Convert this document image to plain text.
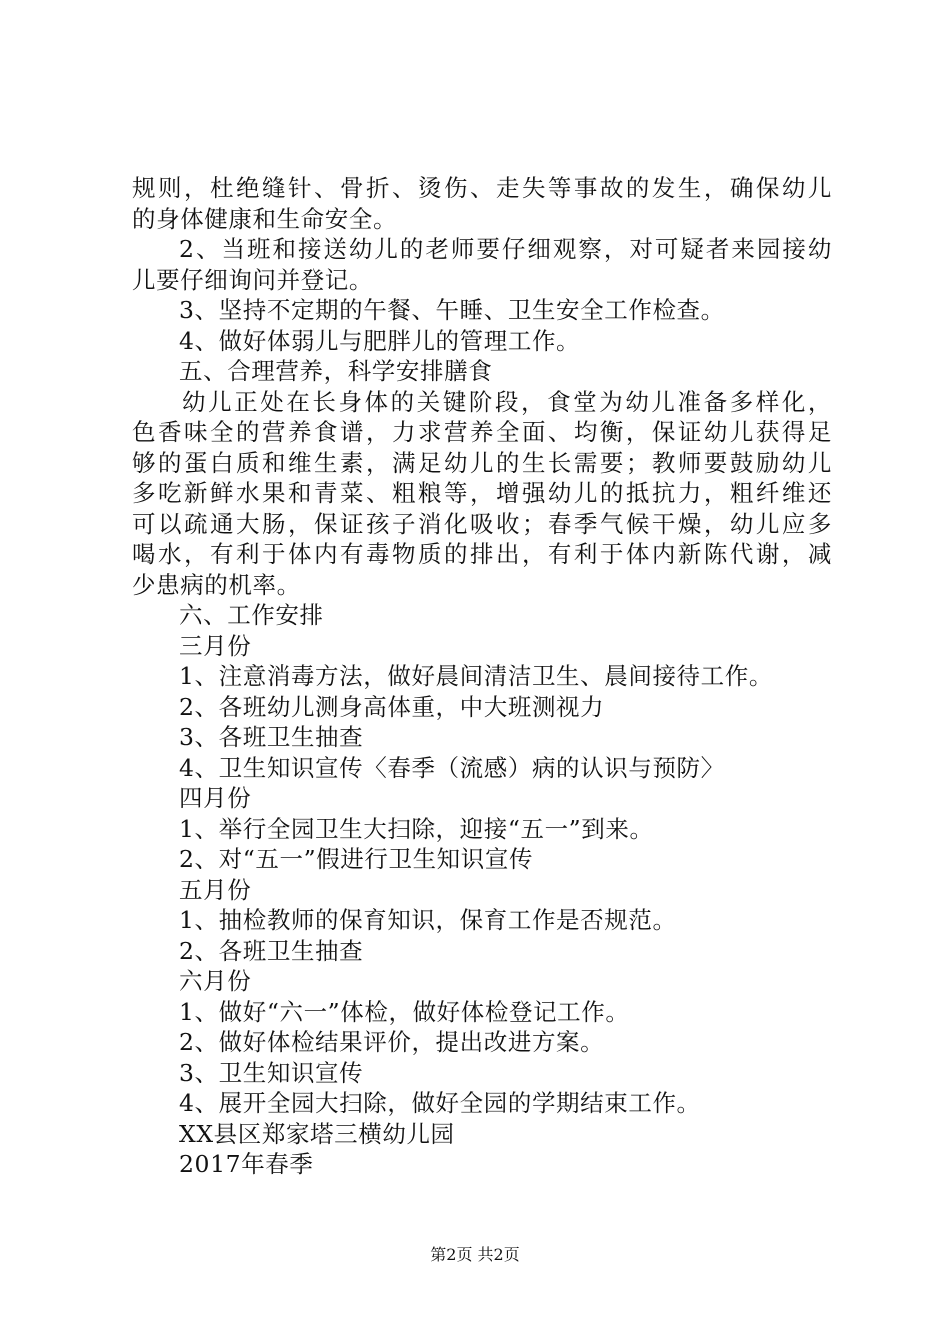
规则，杜绝缝针、骨折、烫伤、走失等事故的发生，确保幼儿
的身体健康和生命安全。
2、当班和接送幼儿的老师要仔细观察，对可疑者来园接幼
儿要仔细询问并登记。
3、坚持不定期的午餐、午睡、卫生安全工作检查。
4、做好体弱儿与肥胖儿的管理工作。
五、合理营养，科学安排膳食
幼儿正处在长身体的关键阶段，食堂为幼儿准备多样化，
色香味全的营养食谱，力求营养全面、均衡，保证幼儿获得足
够的蛋白质和维生素，满足幼儿的生长需要；教师要鼓励幼儿
多吃新鲜水果和青菜、粗粮等，增强幼儿的抵抗力，粗纤维还
可以疏通大肠，保证孩子消化吸收；春季气候干燥，幼儿应多
喝水，有利于体内有毒物质的排出，有利于体内新陈代谢，减
少患病的机率。
六、工作安排
三月份
1、注意消毒方法，做好晨间清洁卫生、晨间接待工作。
2、各班幼儿测身高体重，中大班测视力
3、各班卫生抽查
4、卫生知识宣传〈春季（流感）病的认识与预防〉
四月份
1、举行全园卫生大扫除，迎接“五一”到来。
2、对“五一”假进行卫生知识宣传
五月份
1、抽检教师的保育知识，保育工作是否规范。
2、各班卫生抽查
六月份
1、做好“六一”体检，做好体检登记工作。
2、做好体检结果评价，提出改进方案。
3、卫生知识宣传
4、展开全园大扫除，做好全园的学期结束工作。
XX县区郑家塔三横幼儿园
2017年春季
第2页 共2页
